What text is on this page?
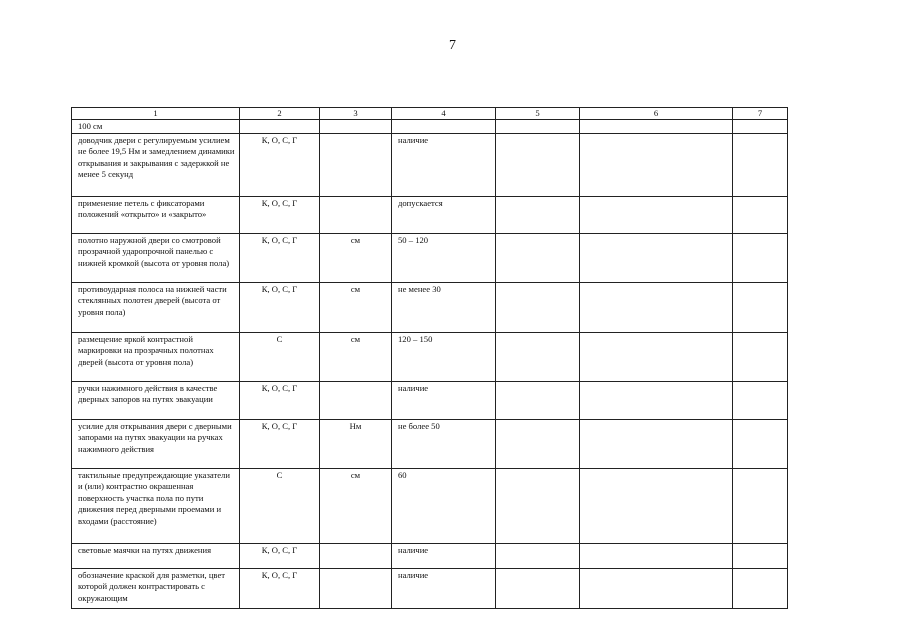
7
1	2	3	4	5	6	7
100 см						
доводчик двери с регулируемым усилием не более 19,5 Нм и замедлением динамики открывания и закрывания с задержкой не менее 5 секунд	К, О, С, Г		наличие			
применение петель с фиксаторами положений «открыто» и «закрыто»	К, О, С, Г		допускается			
полотно наружной двери со смотровой прозрачной ударопрочной панелью с нижней кромкой (высота от уровня пола)	К, О, С, Г	см	50 – 120			
противоударная полоса на нижней части стеклянных полотен дверей (высота от уровня пола)	К, О, С, Г	см	не менее 30			
размещение яркой контрастной маркировки на прозрачных полотнах дверей (высота от уровня пола)	С	см	120 – 150			
ручки нажимного действия в качестве дверных запоров на путях эвакуации	К, О, С, Г		наличие			
усилие для открывания двери с дверными запорами на путях эвакуации на ручках нажимного действия	К, О, С, Г	Нм	не более 50			
тактильные предупреждающие указатели и (или) контрастно окрашенная поверхность участка пола по пути движения перед дверными проемами и входами (расстояние)	С	см	60			
световые маячки на путях движения	К, О, С, Г		наличие			
обозначение краской для разметки, цвет которой должен контрастировать с окружающим	К, О, С, Г		наличие			
